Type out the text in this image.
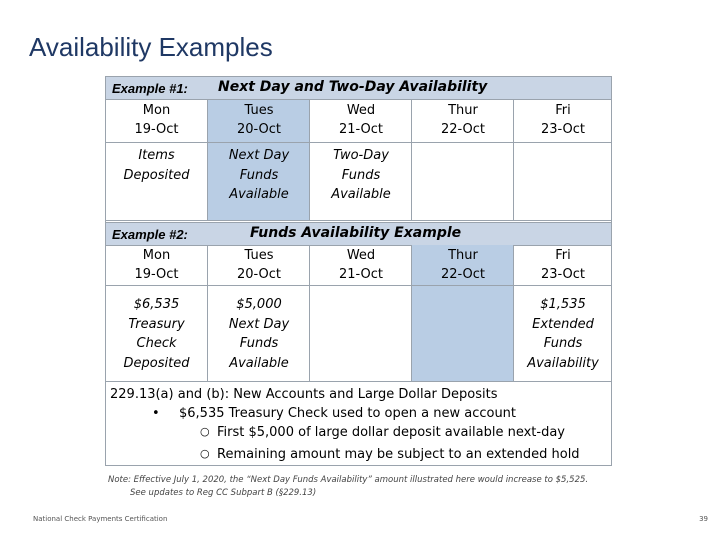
Availability Examples
Example #1: Next Day and Two-Day Availability
Mon
19-Oct
Items
Deposited
Tues
20-Oct
Next Day
Funds
Available
Wed
21-Oct
Two-Day
Funds
Available
Thur
22-Oct
Fri
23-Oct
Example #2:	Funds Availability Example
Mon
19-Oct
$6,535
Treasury
Check
Deposited
Tues
20-Oct
$5,000
Next Day
Funds
Available
Wed
21-Oct
Thur
22-Oct
Fri
23-Oct
$1,535
Extended
Funds
Availability
229.13(a) and (b): New Accounts and Large Dollar Deposits
• $6,535 Treasury Check used to open a new account
○ First $5,000 of large dollar deposit available next-day
○ Remaining amount may be subject to an extended hold
Note: Effective July 1, 2020, the “Next Day Funds Availability” amount illustrated here would increase to $5,525.
See updates to Reg CC Subpart B (§229.13)
National Check Payments Certification	39
